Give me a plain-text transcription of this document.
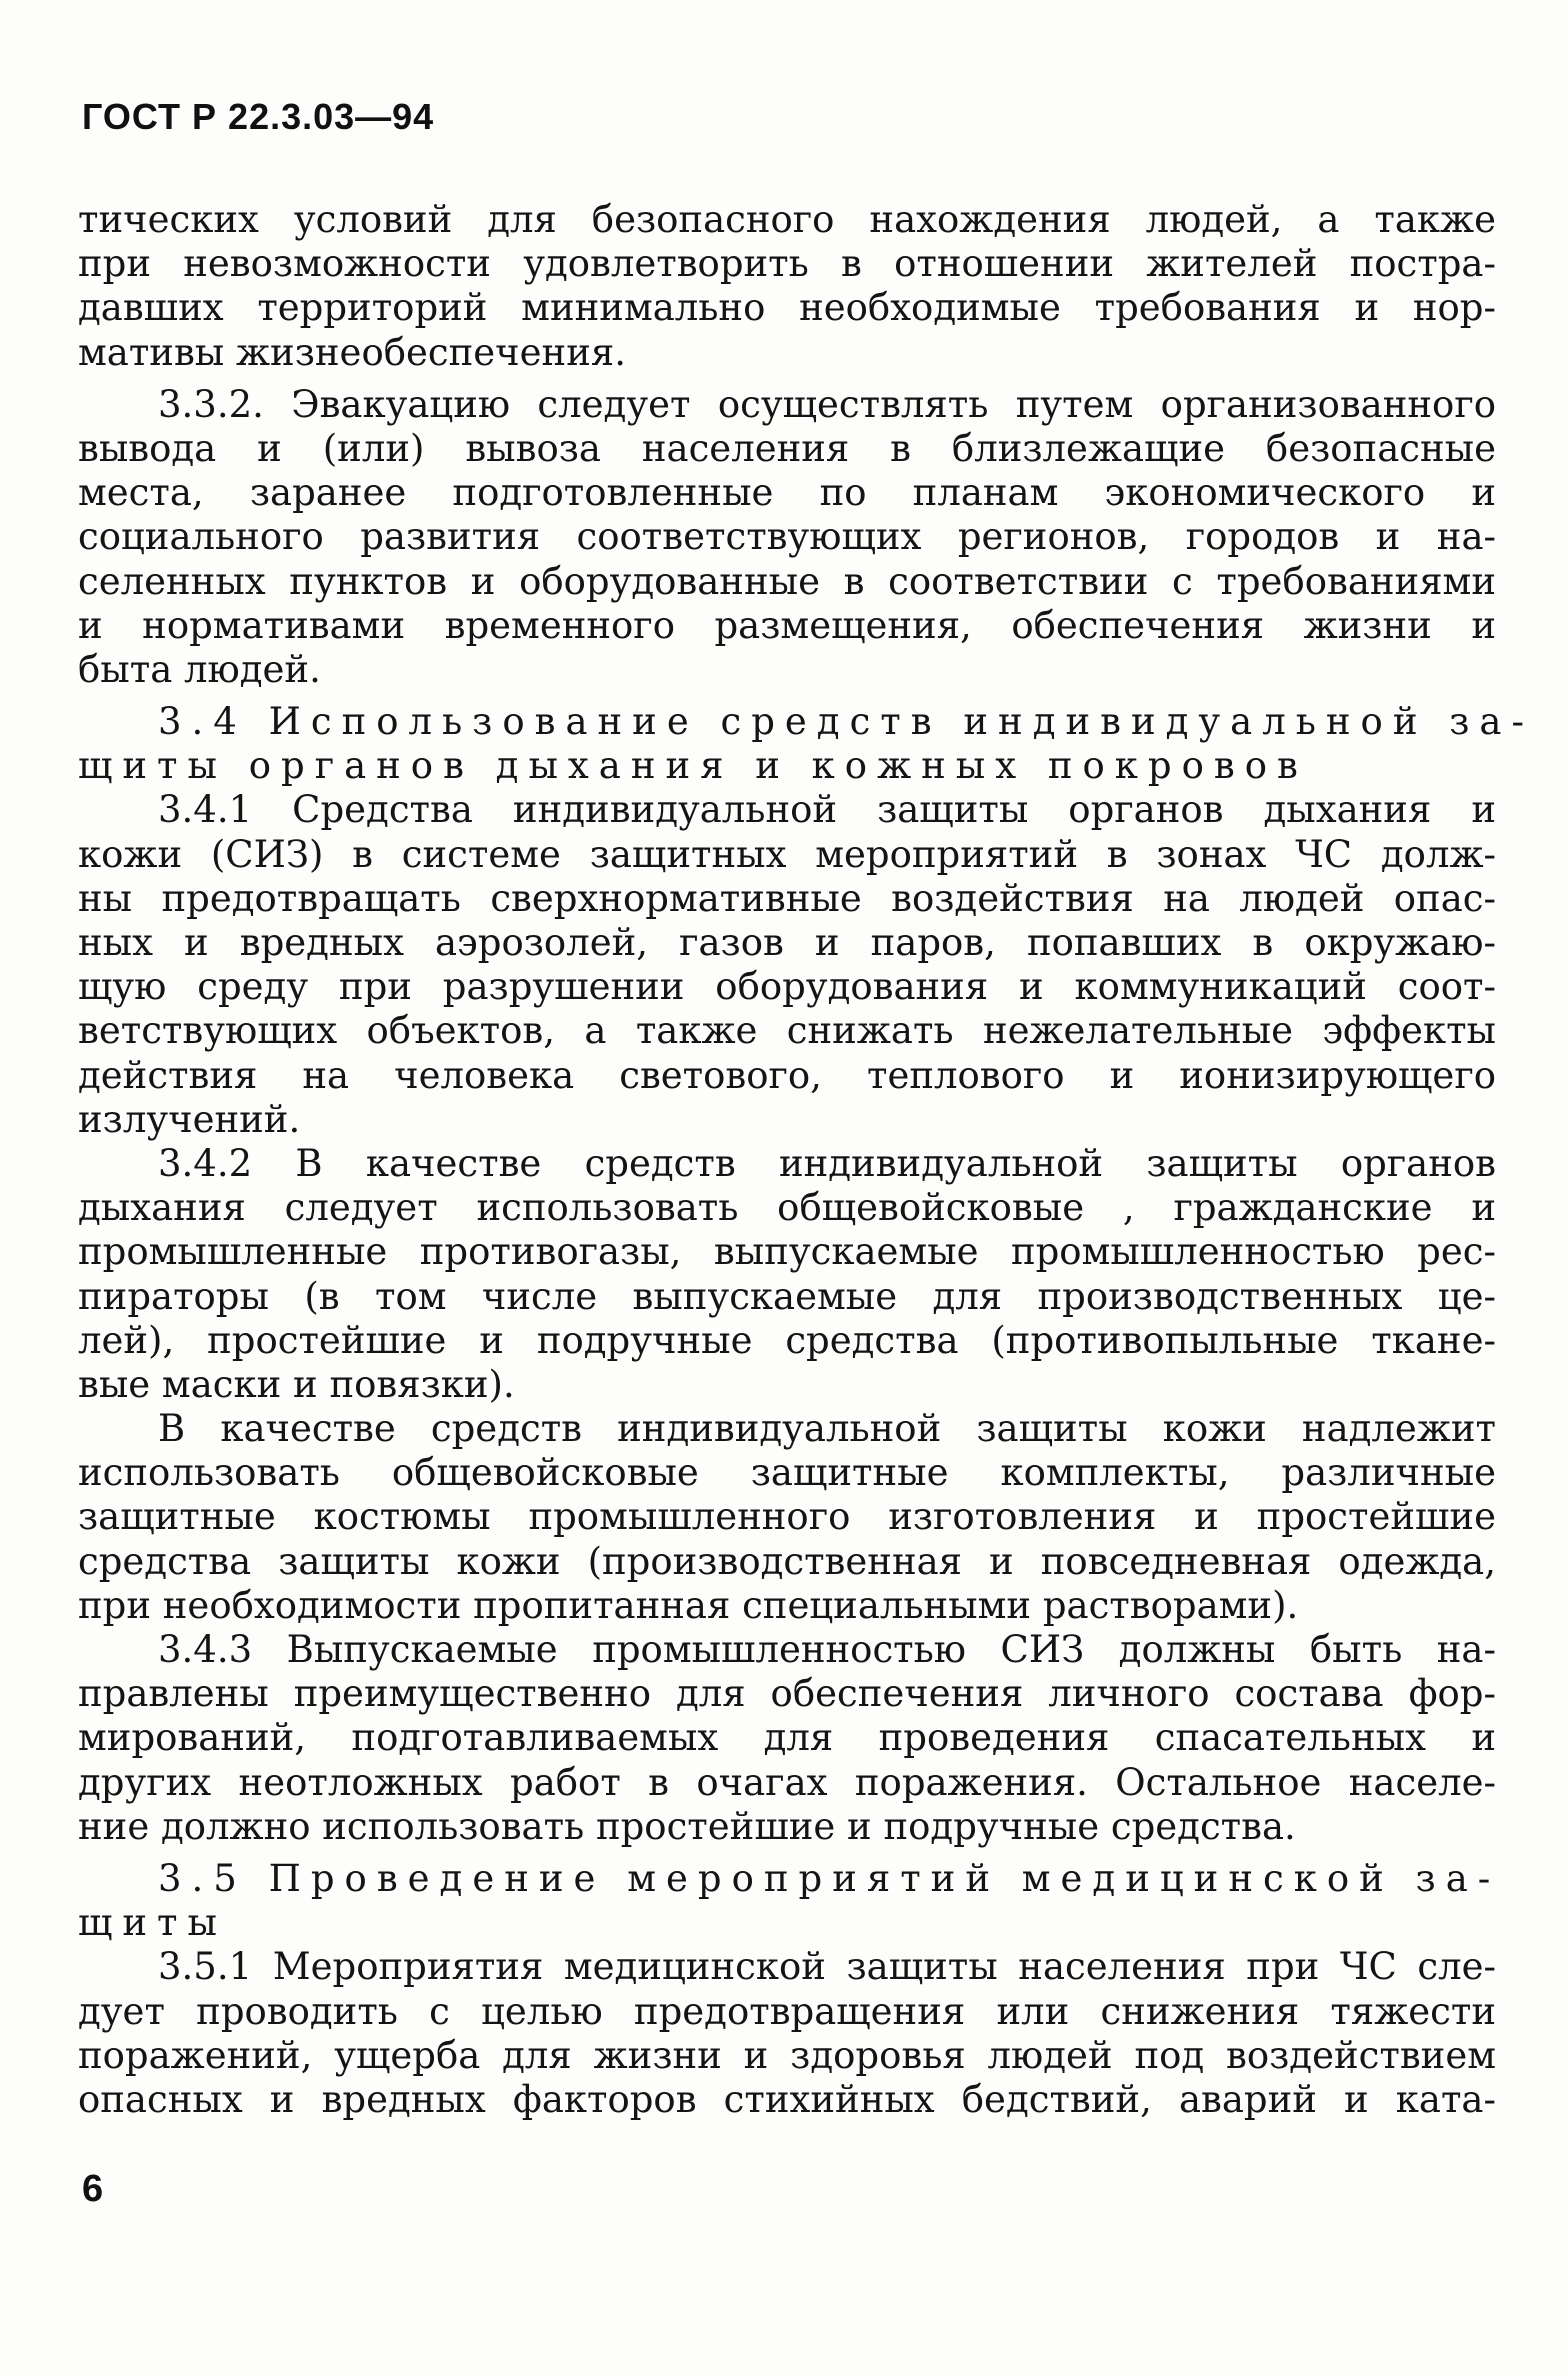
ГОСТ Р 22.3.03—94
тических условий для безопасного нахождения людей, а также
при невозможности удовлетворить в отношении жителей постра-
давших территорий минимально необходимые требования и нор-
мативы жизнеобеспечения.
3.3.2. Эвакуацию следует осуществлять путем организованного
вывода и (или) вывоза населения в близлежащие безопасные
места, заранее подготовленные по планам экономического и
социального развития соответствующих регионов, городов и на-
селенных пунктов и оборудованные в соответствии с требованиями
и нормативами временного размещения, обеспечения жизни и
быта людей.
3.4 Использование средств индивидуальной за-
щиты органов дыхания и кожных покровов
3.4.1 Средства индивидуальной защиты органов дыхания и
кожи (СИЗ) в системе защитных мероприятий в зонах ЧС долж-
ны предотвращать сверхнормативные воздействия на людей опас-
ных и вредных аэрозолей, газов и паров, попавших в окружаю-
щую среду при разрушении оборудования и коммуникаций соот-
ветствующих объектов, а также снижать нежелательные эффекты
действия на человека светового, теплового и ионизирующего
излучений.
3.4.2 В качестве средств индивидуальной защиты органов
дыхания следует использовать общевойсковые , гражданские и
промышленные противогазы, выпускаемые промышленностью рес-
пираторы (в том числе выпускаемые для производственных це-
лей), простейшие и подручные средства (противопыльные ткане-
вые маски и повязки).
В качестве средств индивидуальной защиты кожи надлежит
использовать общевойсковые защитные комплекты, различные
защитные костюмы промышленного изготовления и простейшие
средства защиты кожи (производственная и повседневная одежда,
при необходимости пропитанная специальными растворами).
3.4.3 Выпускаемые промышленностью СИЗ должны быть на-
правлены преимущественно для обеспечения личного состава фор-
мирований, подготавливаемых для проведения спасательных и
других неотложных работ в очагах поражения. Остальное населе-
ние должно использовать простейшие и подручные средства.
3.5 Проведение мероприятий медицинской за-
щиты
3.5.1 Мероприятия медицинской защиты населения при ЧС сле-
дует проводить с целью предотвращения или снижения тяжести
поражений, ущерба для жизни и здоровья людей под воздействием
опасных и вредных факторов стихийных бедствий, аварий и ката-
6
